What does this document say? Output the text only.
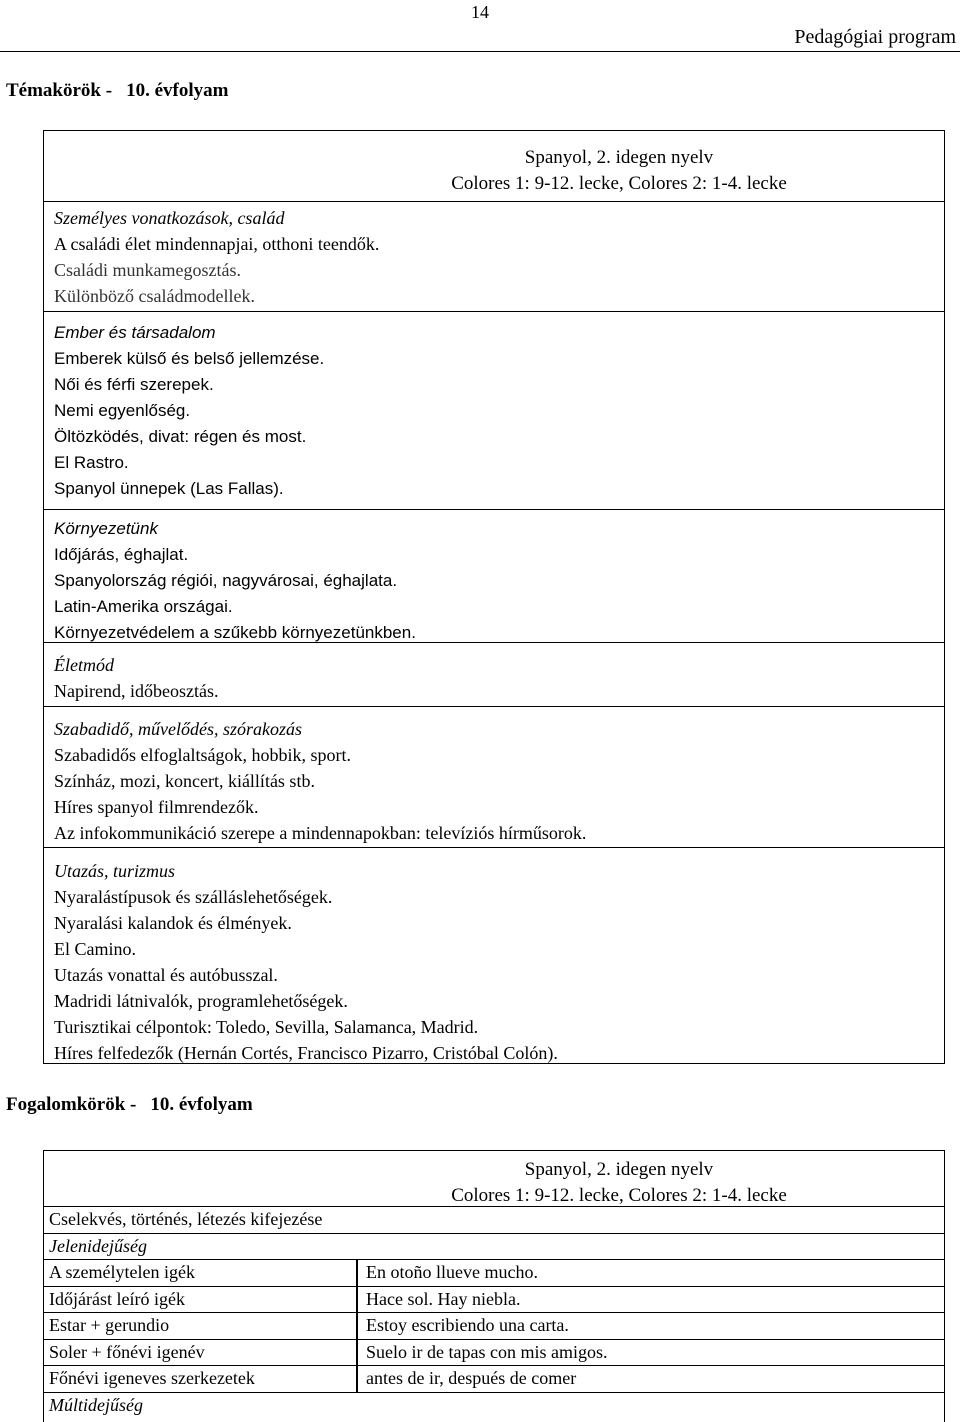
14
Pedagógiai program
Témakörök - 10. évfolyam
Spanyol, 2. idegen nyelv
Colores 1: 9-12. lecke, Colores 2: 1-4. lecke
Személyes vonatkozások, család
A családi élet mindennapjai, otthoni teendők.
Családi munkamegosztás.
Különböző családmodellek.
Ember és társadalom
Emberek külső és belső jellemzése.
Női és férfi szerepek.
Nemi egyenlőség.
Öltözködés, divat: régen és most.
El Rastro.
Spanyol ünnepek (Las Fallas).
Környezetünk
Időjárás, éghajlat.
Spanyolország régiói, nagyvárosai, éghajlata.
Latin-Amerika országai.
Környezetvédelem a szűkebb környezetünkben.
Életmód
Napirend, időbeosztás.
Szabadidő, művelődés, szórakozás
Szabadidős elfoglaltságok, hobbik, sport.
Színház, mozi, koncert, kiállítás stb.
Híres spanyol filmrendezők.
Az infokommunikáció szerepe a mindennapokban: televíziós hírműsorok.
Utazás, turizmus
Nyaralástípusok és szálláslehetőségek.
Nyaralási kalandok és élmények.
El Camino.
Utazás vonattal és autóbusszal.
Madridi látnivalók, programlehetőségek.
Turisztikai célpontok: Toledo, Sevilla, Salamanca, Madrid.
Híres felfedezők (Hernán Cortés, Francisco Pizarro, Cristóbal Colón).
Fogalomkörök - 10. évfolyam
Spanyol, 2. idegen nyelv
Colores 1: 9-12. lecke, Colores 2: 1-4. lecke
Cselekvés, történés, létezés kifejezése
Jelenidejűség
A személytelen igék	En otoño llueve mucho.
Időjárást leíró igék	Hace sol. Hay niebla.
Estar + gerundio	Estoy escribiendo una carta.
Soler + főnévi igenév	Suelo ir de tapas con mis amigos.
Főnévi igeneves szerkezetek	antes de ir, después de comer
Múltidejűség
